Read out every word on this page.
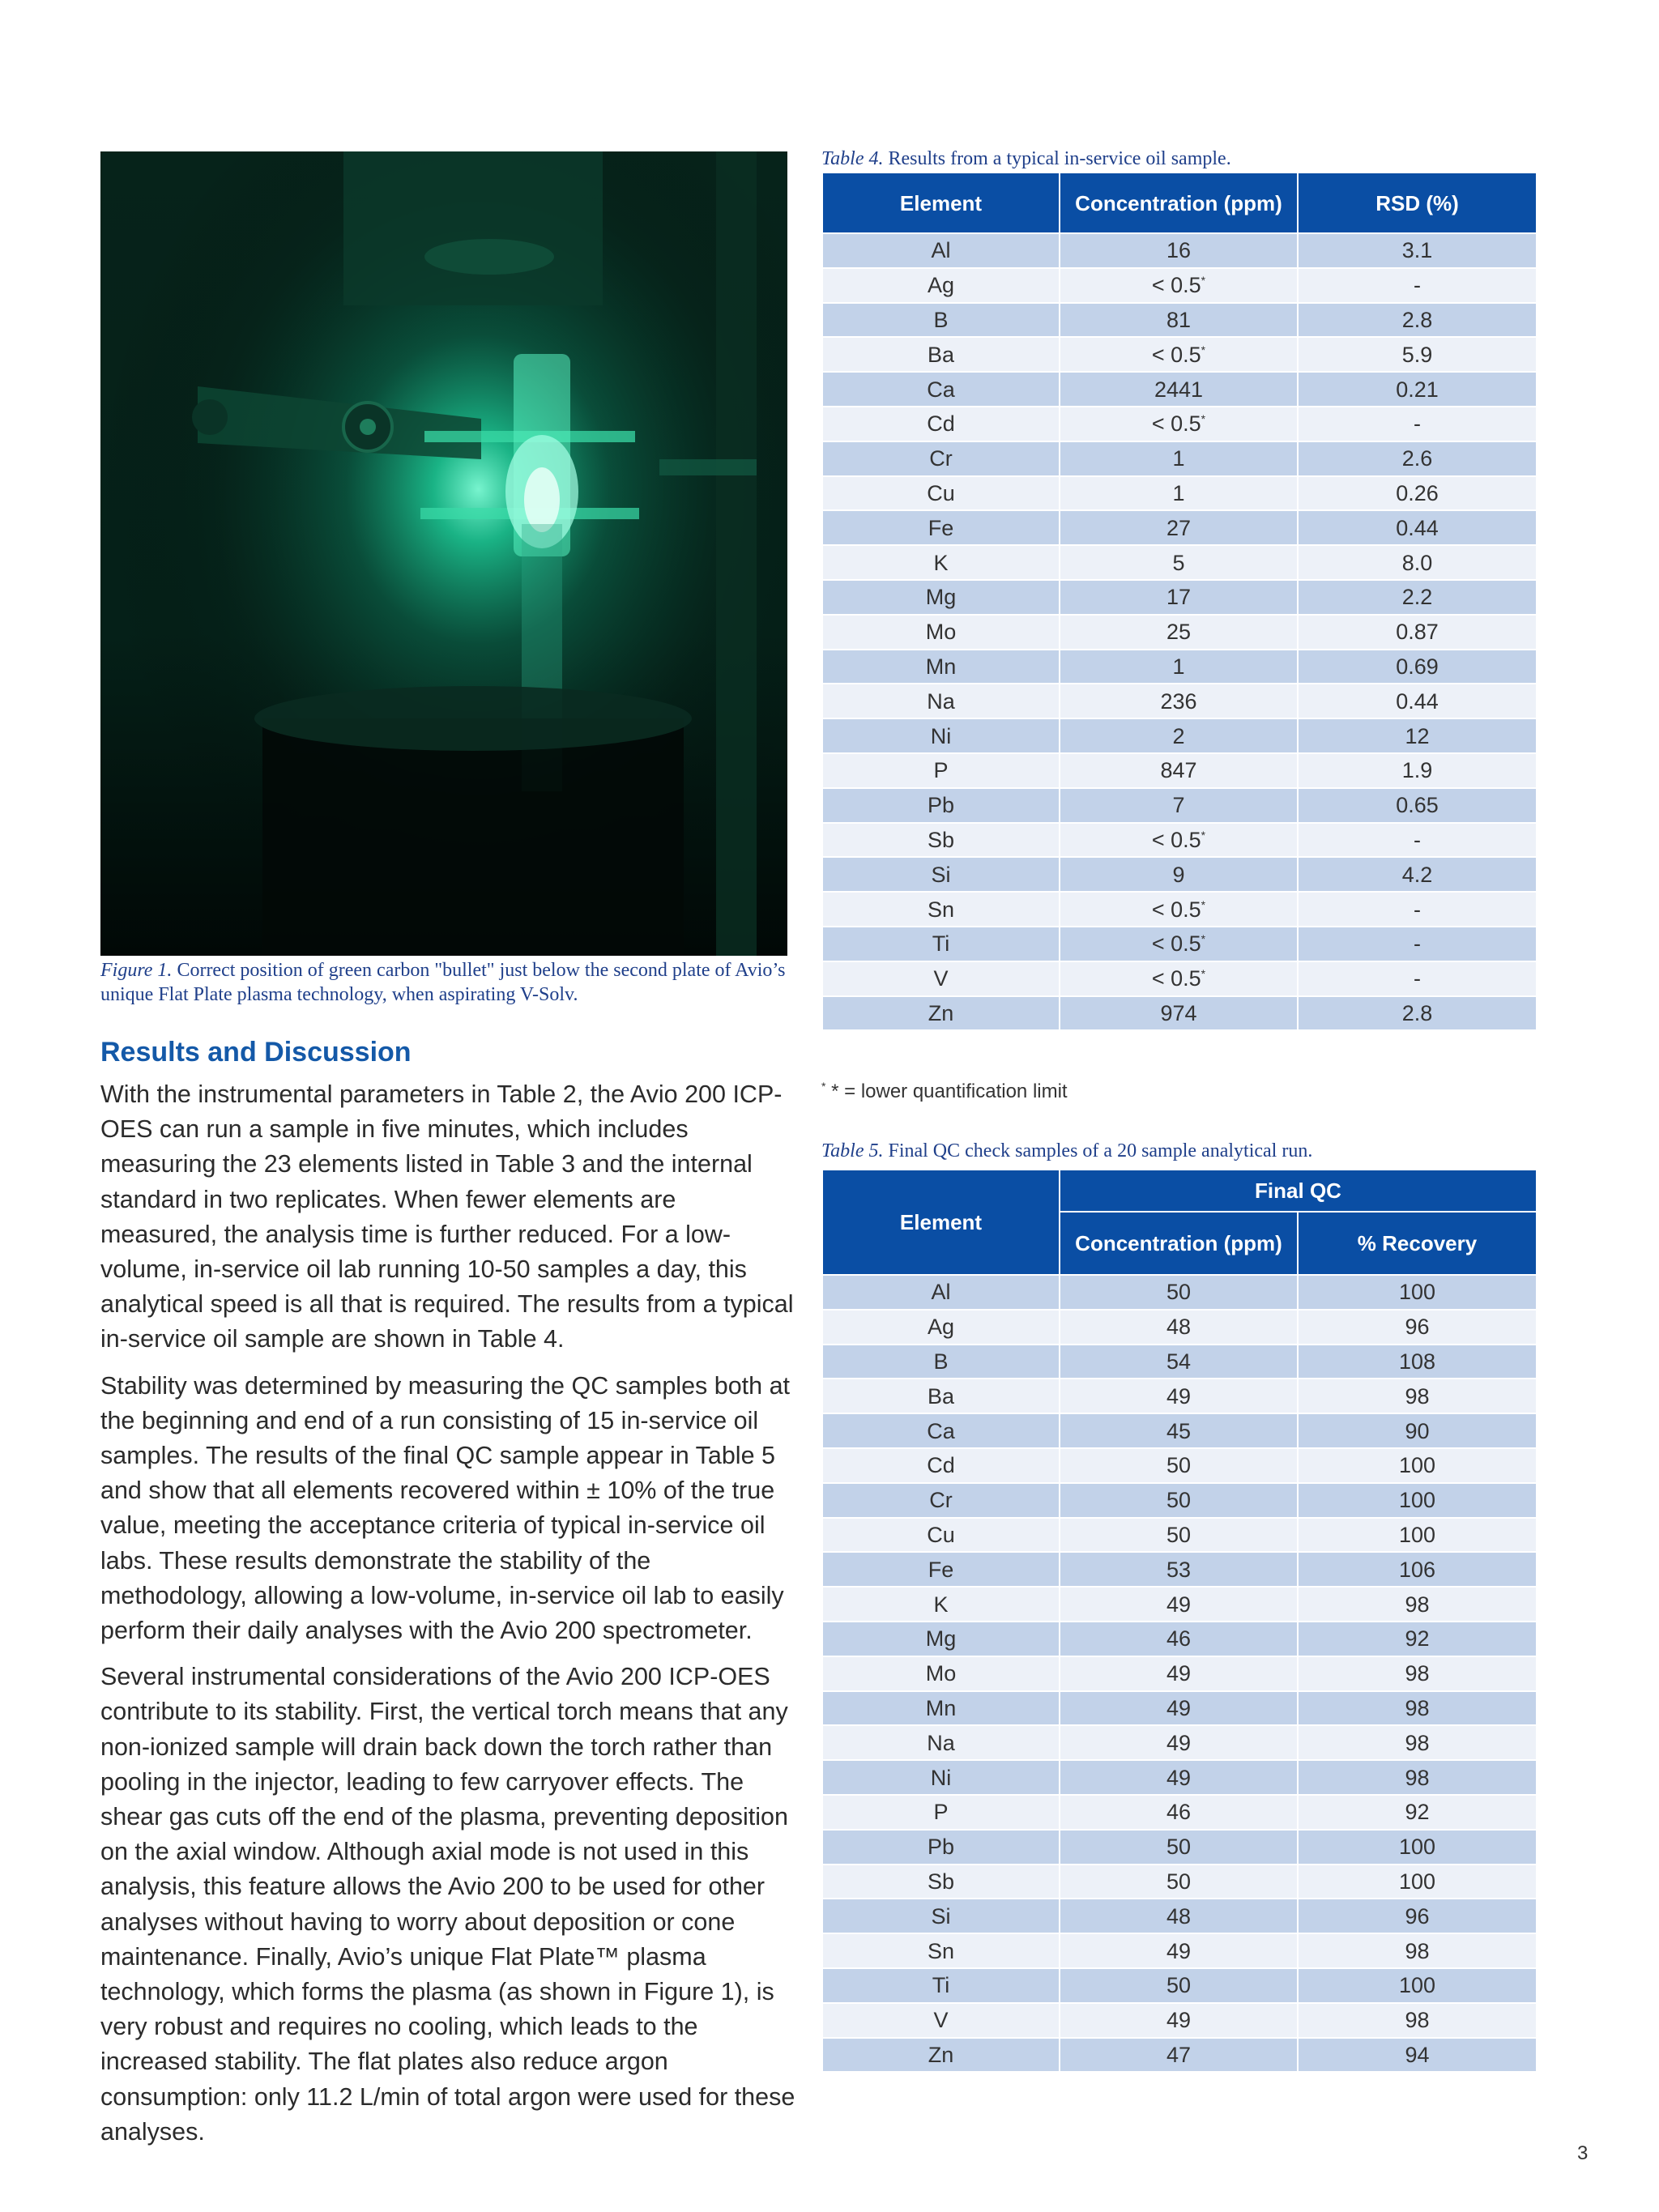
Figure 1. Correct position of green carbon "bullet" just below the second plate of Avio’s unique Flat Plate plasma technology, when aspirating V-Solv.
Results and Discussion

With the instrumental parameters in Table 2, the Avio 200 ICP-OES can run a sample in five minutes, which includes measuring the 23 elements listed in Table 3 and the internal standard in two replicates. When fewer elements are measured, the analysis time is further reduced. For a low-volume, in-service oil lab running 10-50 samples a day, this analytical speed is all that is required. The results from a typical in-service oil sample are shown in Table 4.

Stability was determined by measuring the QC samples both at the beginning and end of a run consisting of 15 in-service oil samples. The results of the final QC sample appear in Table 5 and show that all elements recovered within ± 10% of the true value, meeting the acceptance criteria of typical in-service oil labs. These results demonstrate the stability of the methodology, allowing a low-volume, in-service oil lab to easily perform their daily analyses with the Avio 200 spectrometer.

Several instrumental considerations of the Avio 200 ICP-OES contribute to its stability. First, the vertical torch means that any non-ionized sample will drain back down the torch rather than pooling in the injector, leading to few carryover effects. The shear gas cuts off the end of the plasma, preventing deposition on the axial window. Although axial mode is not used in this analysis, this feature allows the Avio 200 to be used for other analyses without having to worry about deposition or cone maintenance. Finally, Avio’s unique Flat Plate™ plasma technology, which forms the plasma (as shown in Figure 1), is very robust and requires no cooling, which leads to the increased stability. The flat plates also reduce argon consumption: only 11.2 L/min of total argon were used for these analyses.

Table 4. Results from a typical in-service oil sample.
Element	Concentration (ppm)	RSD (%)
Al	16	3.1
Ag	< 0.5*	-
B	81	2.8
Ba	< 0.5*	5.9
Ca	2441	0.21
Cd	< 0.5*	-
Cr	1	2.6
Cu	1	0.26
Fe	27	0.44
K	5	8.0
Mg	17	2.2
Mo	25	0.87
Mn	1	0.69
Na	236	0.44
Ni	2	12
P	847	1.9
Pb	7	0.65
Sb	< 0.5*	-
Si	9	4.2
Sn	< 0.5*	-
Ti	< 0.5*	-
V	< 0.5*	-
Zn	974	2.8
* * = lower quantification limit
Table 5. Final QC check samples of a 20 sample analytical run.
Element	Final QC	
	Concentration (ppm)	% Recovery
Al	50	100
Ag	48	96
B	54	108
Ba	49	98
Ca	45	90
Cd	50	100
Cr	50	100
Cu	50	100
Fe	53	106
K	49	98
Mg	46	92
Mo	49	98
Mn	49	98
Na	49	98
Ni	49	98
P	46	92
Pb	50	100
Sb	50	100
Si	48	96
Sn	49	98
Ti	50	100
V	49	98
Zn	47	94
3
